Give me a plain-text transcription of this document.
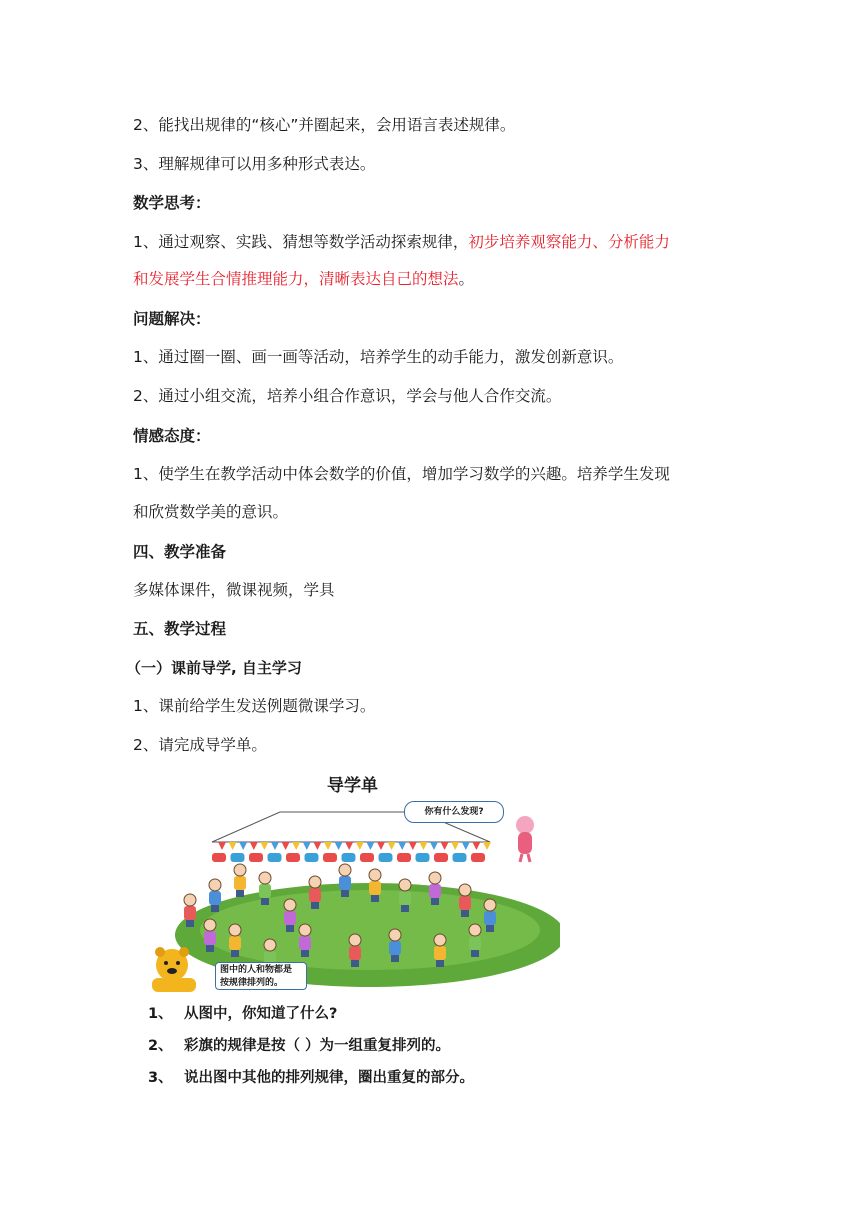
2、能找出规律的“核心”并圈起来，会用语言表述规律。
3、理解规律可以用多种形式表达。
数学思考：
1、通过观察、实践、猜想等数学活动探索规律，初步培养观察能力、分析能力
和发展学生合情推理能力，清晰表达自己的想法。
问题解决：
1、通过圈一圈、画一画等活动，培养学生的动手能力，激发创新意识。
2、通过小组交流，培养小组合作意识，学会与他人合作交流。
情感态度：
1、使学生在教学活动中体会数学的价值，增加学习数学的兴趣。培养学生发现
和欣赏数学美的意识。
四、教学准备
多媒体课件，微课视频，学具
五、教学过程
（一）课前导学, 自主学习
1、课前给学生发送例题微课学习。
2、请完成导学单。
导学单
你有什么发现?
图中的人和物都是
按规律排列的。
1、 从图中，你知道了什么?
2、 彩旗的规律是按（ ）为一组重复排列的。
3、 说出图中其他的排列规律，圈出重复的部分。
